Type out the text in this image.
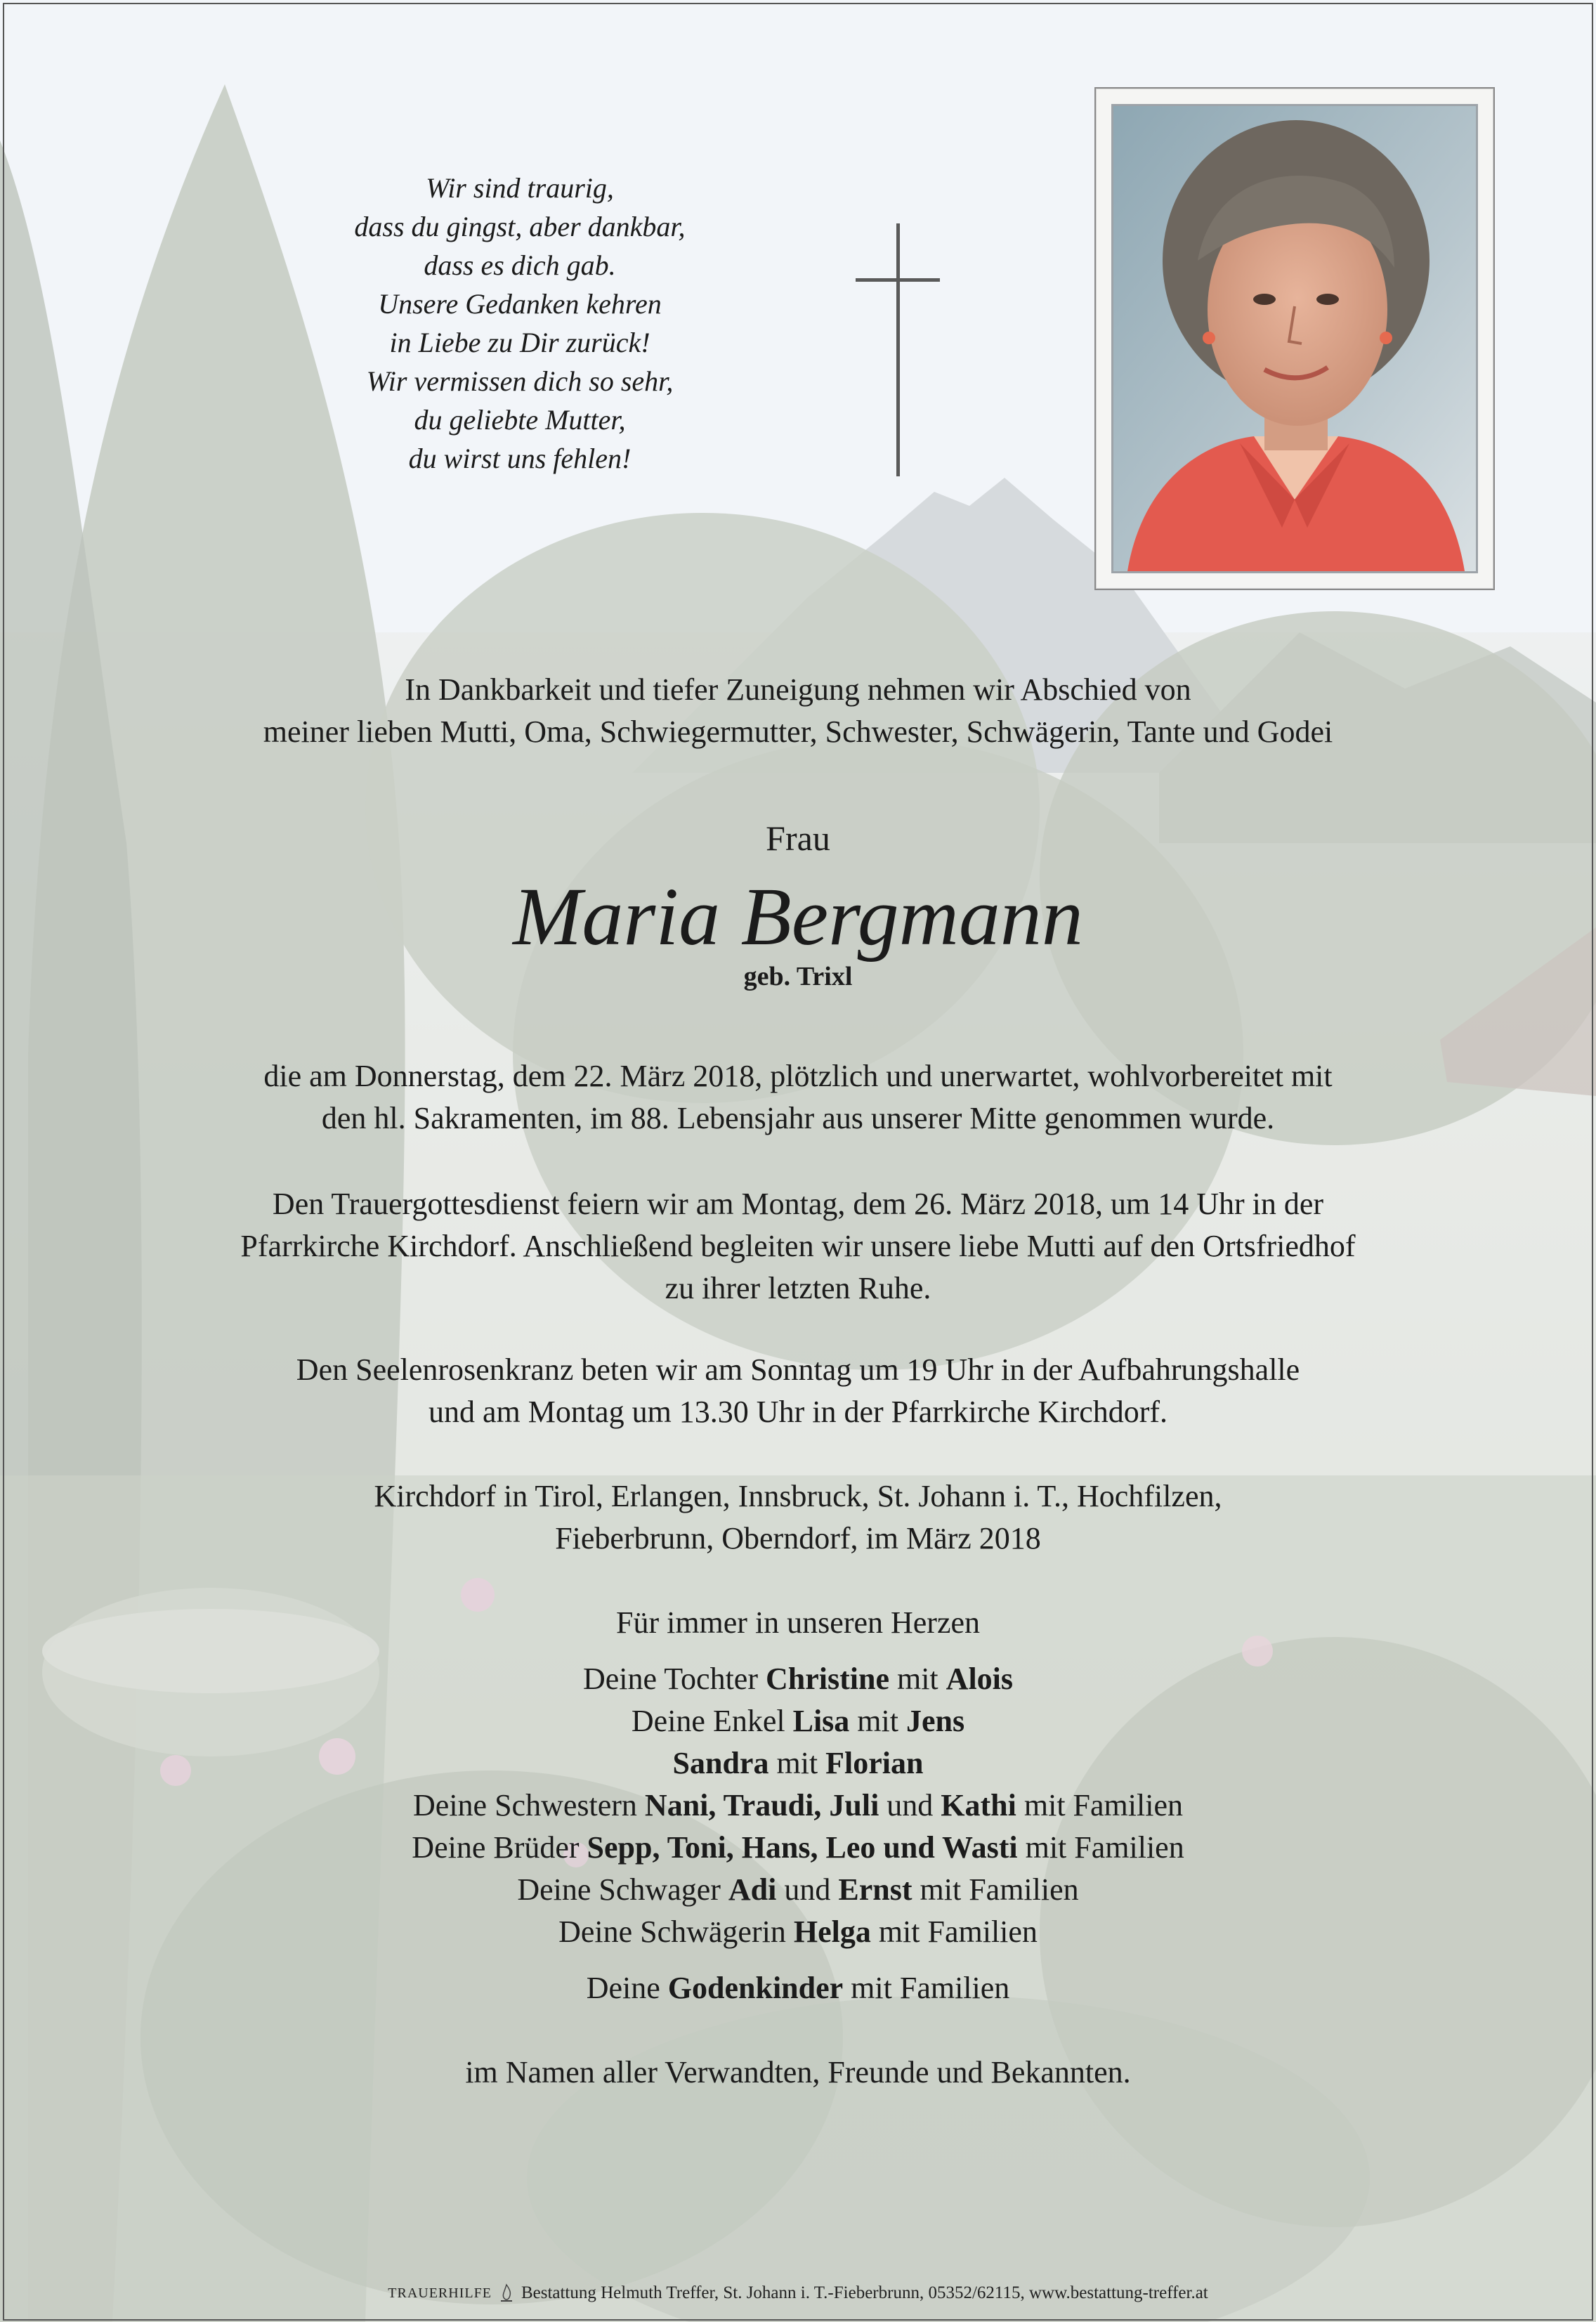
Wir sind traurig,
dass du gingst, aber dankbar,
dass es dich gab.
Unsere Gedanken kehren
in Liebe zu Dir zurück!
Wir vermissen dich so sehr,
du geliebte Mutter,
du wirst uns fehlen!
In Dankbarkeit und tiefer Zuneigung nehmen wir Abschied von
meiner lieben Mutti, Oma, Schwiegermutter, Schwester, Schwägerin, Tante und Godei
Frau
Maria Bergmann
geb. Trixl
die am Donnerstag, dem 22. März 2018, plötzlich und unerwartet, wohlvorbereitet mit
den hl. Sakramenten, im 88. Lebensjahr aus unserer Mitte genommen wurde.
Den Trauergottesdienst feiern wir am Montag, dem 26. März 2018, um 14 Uhr in der
Pfarrkirche Kirchdorf. Anschließend begleiten wir unsere liebe Mutti auf den Ortsfriedhof
zu ihrer letzten Ruhe.
Den Seelenrosenkranz beten wir am Sonntag um 19 Uhr in der Aufbahrungshalle
und am Montag um 13.30 Uhr in der Pfarrkirche Kirchdorf.
Kirchdorf in Tirol, Erlangen, Innsbruck, St. Johann i. T., Hochfilzen,
Fieberbrunn, Oberndorf, im März 2018
Für immer in unseren Herzen
Deine Tochter Christine mit Alois
Deine Enkel Lisa mit Jens
Sandra mit Florian
Deine Schwestern Nani, Traudi, Juli und Kathi mit Familien
Deine Brüder Sepp, Toni, Hans, Leo und Wasti mit Familien
Deine Schwager Adi und Ernst mit Familien
Deine Schwägerin Helga mit Familien
Deine Godenkinder mit Familien
im Namen aller Verwandten, Freunde und Bekannten.
TRAUERHILFE Bestattung Helmuth Treffer, St. Johann i. T.-Fieberbrunn, 05352/62115, www.bestattung-treffer.at
